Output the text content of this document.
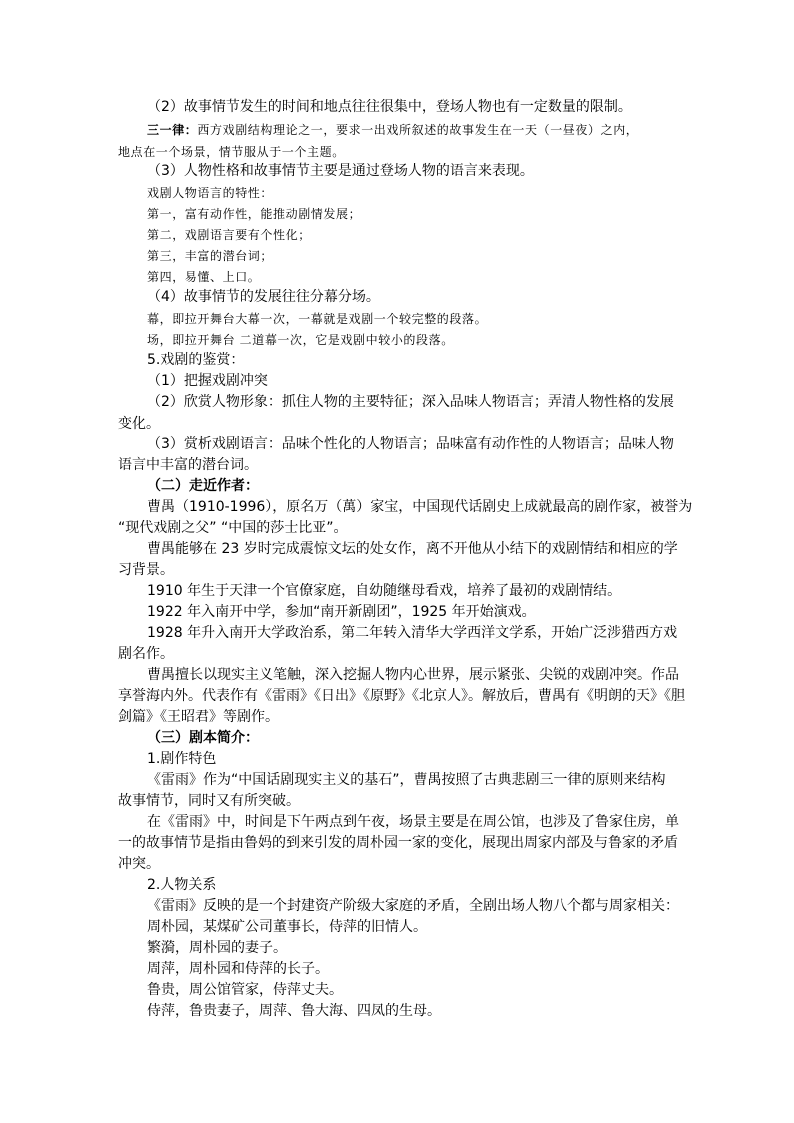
（2）故事情节发生的时间和地点往往很集中，登场人物也有一定数量的限制。
三一律：西方戏剧结构理论之一，要求一出戏所叙述的故事发生在一天（一昼夜）之内，
地点在一个场景，情节服从于一个主题。
（3）人物性格和故事情节主要是通过登场人物的语言来表现。
戏剧人物语言的特性：
第一，富有动作性，能推动剧情发展；
第二，戏剧语言要有个性化；
第三，丰富的潜台词；
第四，易懂、上口。
（4）故事情节的发展往往分幕分场。
幕，即拉开舞台大幕一次，一幕就是戏剧一个较完整的段落。
场，即拉开舞台 二道幕一次，它是戏剧中较小的段落。
5.戏剧的鉴赏：
（1）把握戏剧冲突
（2）欣赏人物形象：抓住人物的主要特征；深入品味人物语言；弄清人物性格的发展
变化。
（3）赏析戏剧语言：品味个性化的人物语言；品味富有动作性的人物语言；品味人物
语言中丰富的潜台词。
（二）走近作者：
曹禺（1910-1996），原名万（萬）家宝，中国现代话剧史上成就最高的剧作家，被誉为
“现代戏剧之父” “中国的莎士比亚”。
曹禺能够在 23 岁时完成震惊文坛的处女作，离不开他从小结下的戏剧情结和相应的学
习背景。
1910 年生于天津一个官僚家庭，自幼随继母看戏，培养了最初的戏剧情结。
1922 年入南开中学，参加“南开新剧团”，1925 年开始演戏。
1928 年升入南开大学政治系，第二年转入清华大学西洋文学系，开始广泛涉猎西方戏
剧名作。
曹禺擅长以现实主义笔触，深入挖掘人物内心世界，展示紧张、尖锐的戏剧冲突。作品
享誉海内外。代表作有《雷雨》《日出》《原野》《北京人》。解放后，曹禺有《明朗的天》《胆
剑篇》《王昭君》等剧作。
（三）剧本简介：
1.剧作特色
《雷雨》作为“中国话剧现实主义的基石”，曹禺按照了古典悲剧三一律的原则来结构
故事情节，同时又有所突破。
在《雷雨》中，时间是下午两点到午夜，场景主要是在周公馆，也涉及了鲁家住房，单
一的故事情节是指由鲁妈的到来引发的周朴园一家的变化，展现出周家内部及与鲁家的矛盾
冲突。
2.人物关系
《雷雨》反映的是一个封建资产阶级大家庭的矛盾，全剧出场人物八个都与周家相关：
周朴园，某煤矿公司董事长，侍萍的旧情人。
繁漪，周朴园的妻子。
周萍，周朴园和侍萍的长子。
鲁贵，周公馆管家，侍萍丈夫。
侍萍，鲁贵妻子，周萍、鲁大海、四凤的生母。
